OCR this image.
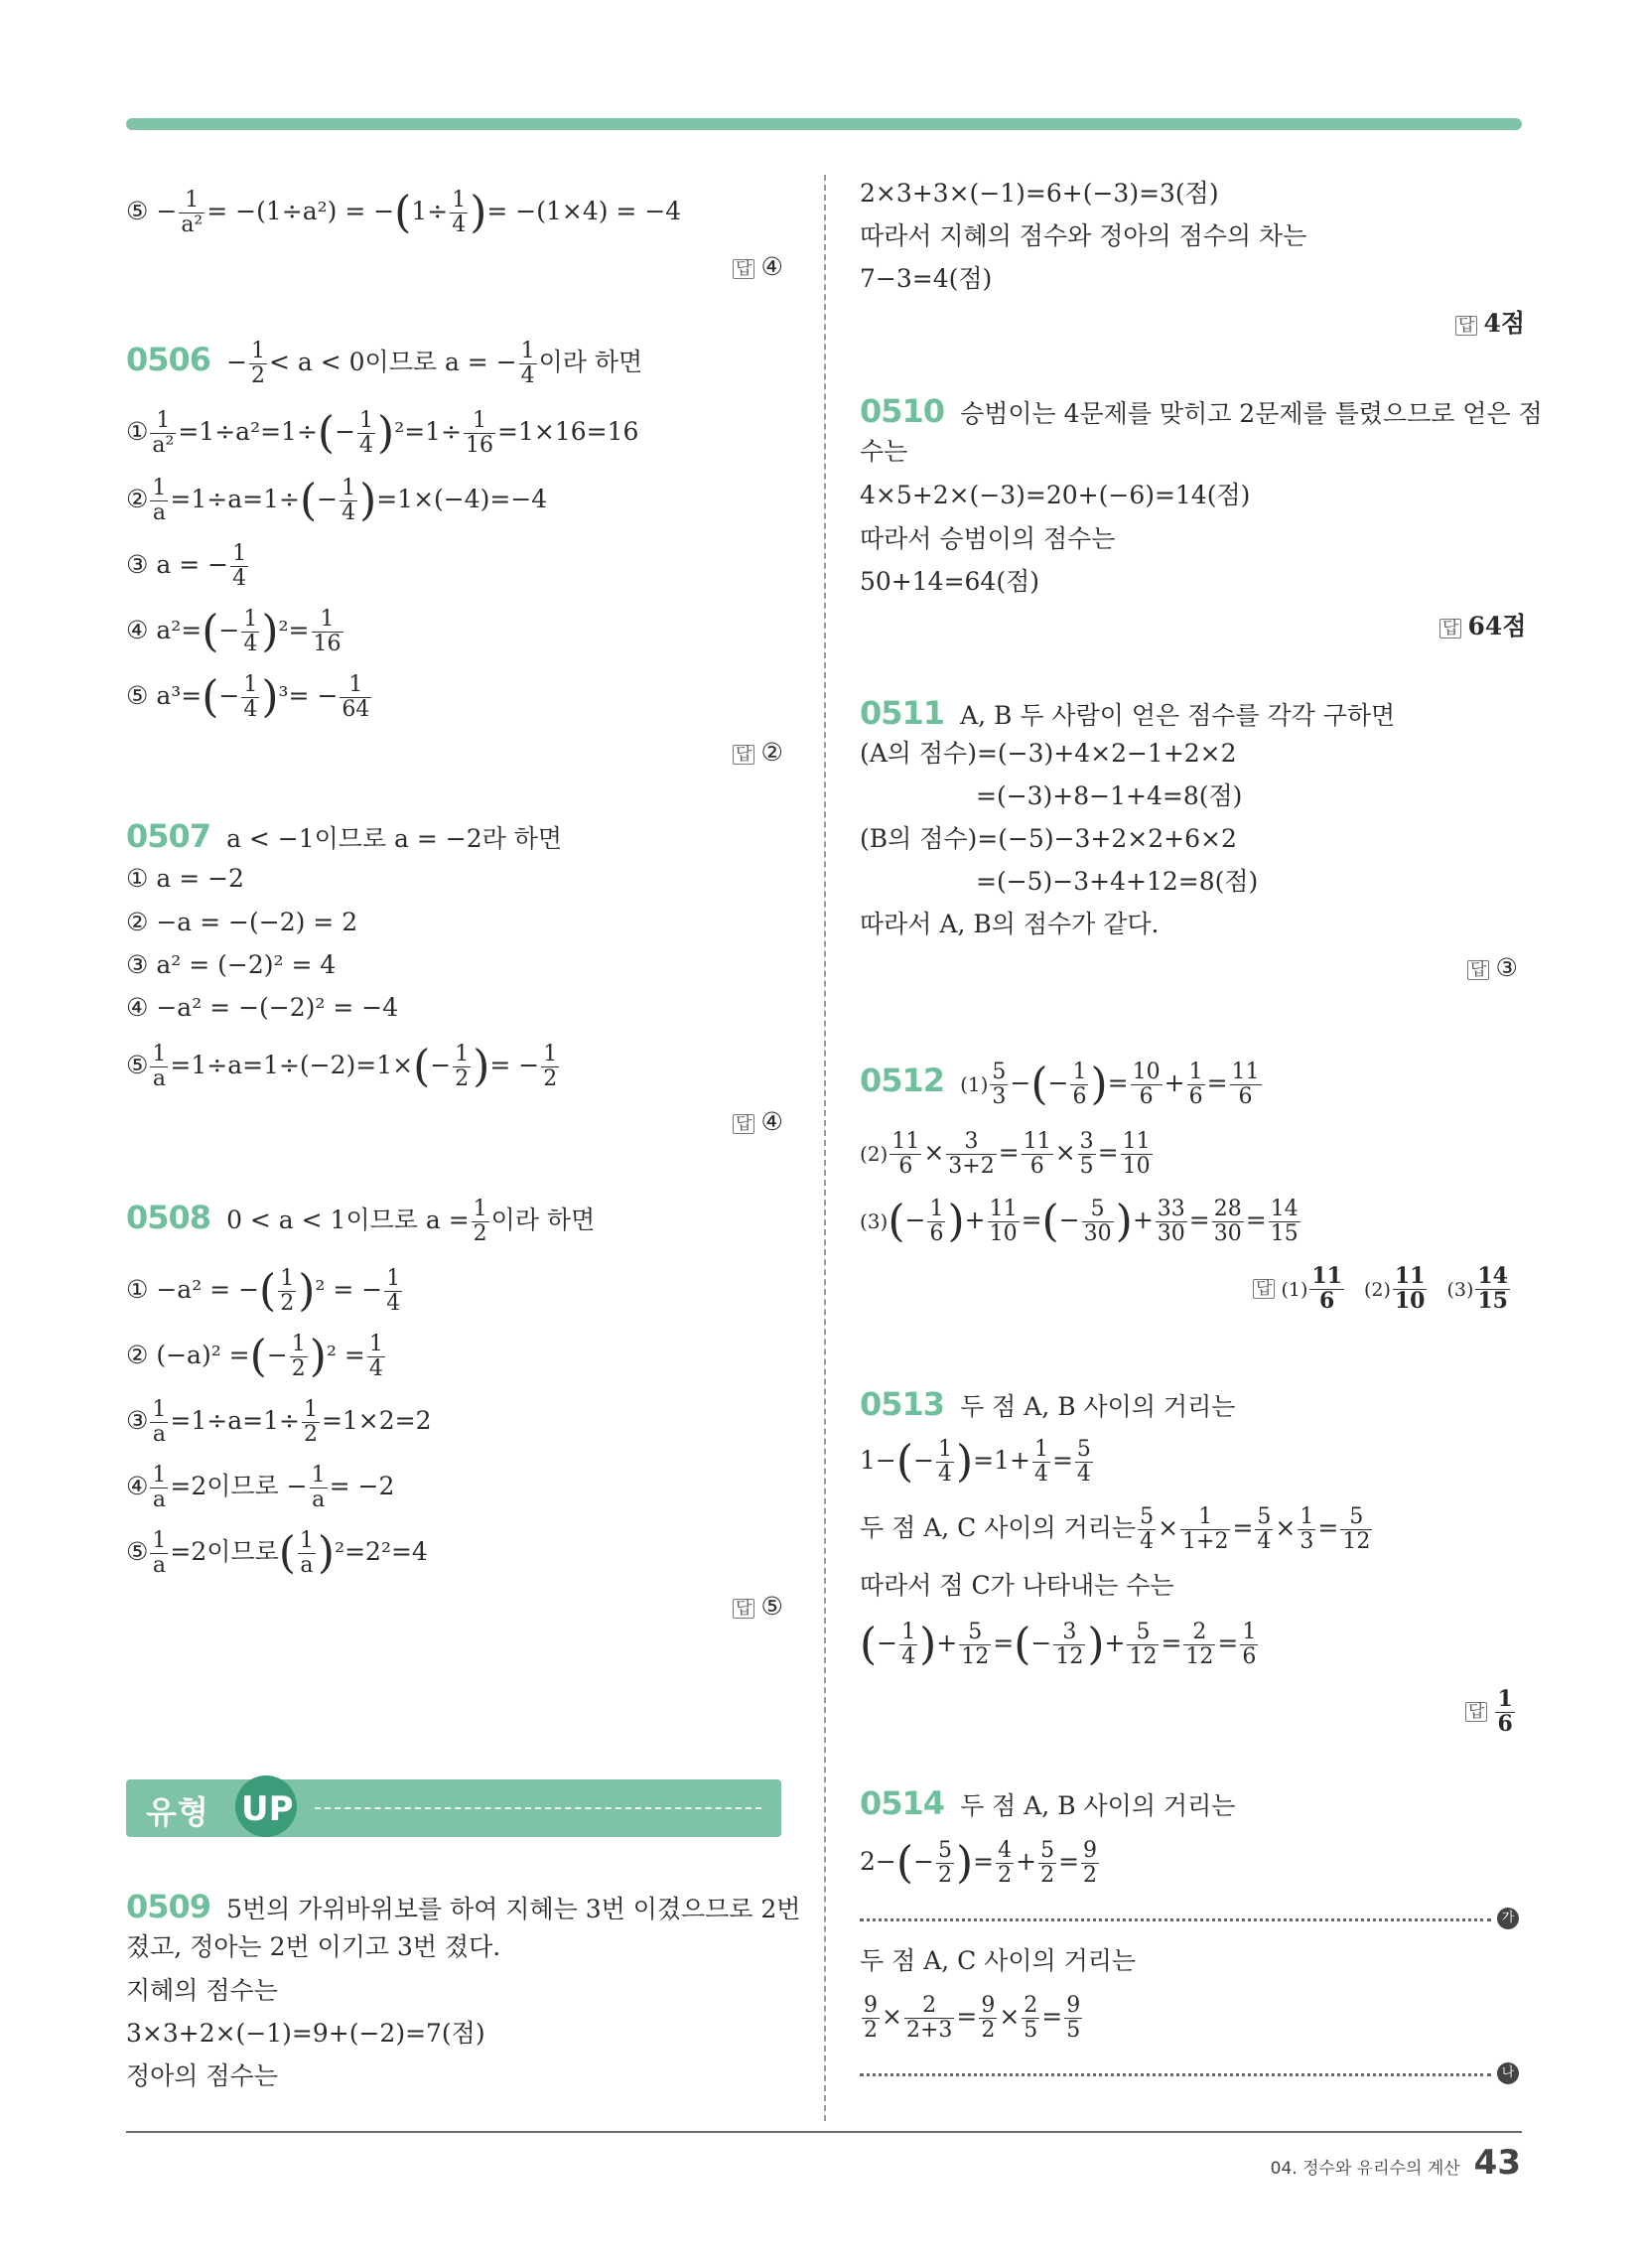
⑤ − $\frac{1}{\text{a²}} = -(1\div a^2) = -(1\div \frac{1}{4}$ )= −(1×4) = −4
답 ④
$0506 - \frac{1}{2} < a < 0$이므로 a = − $\frac{1}{4}$ 이라 하면
① $\frac{1}{\text{a²}} =1\div a^2=1\div(- \frac{1}{4} )^2=1\div \frac{1}{16} =1\times 16=16$
② $\frac{1}{a} =1\div a=1\div(- \frac{1}{4} )=1\times(-4)=-4$
③ a = − $\frac{1}{4}$
④ $a^2=(- \frac{1}{4} )^2= \frac{1}{16}$
⑤ $a^3=(- \frac{1}{4} )^3= - \frac{1}{64}$
답 ②
0507 a < −1이므로 a = −2라 하면
① a = −2
② −a = −(−2) = 2
③ a² = (−2)² = 4
④ −a² = −(−2)² = −4
⑤ $\frac{1}{a} =1\div a=1\div(-2)=1\times(- \frac{1}{2}$ )= − $\frac{1}{2}$
답 ④
0508 0 < a < 1이므로 $a = \frac{1}{2}$ 이라 하면
① −a² = −( $\frac{1}{2} )^2$ = − $\frac{1}{4}$
② (−a)² =(− $\frac{1}{2} )^2 = \frac{1}{4}$
③ $\frac{1}{a} =1\div a=1\div \frac{1}{2} =1\times 2=2$
④ $\frac{1}{a} =2$이므로 − $\frac{1}{a} = -2$
⑤ $\frac{1}{a} =2$이므로( $\frac{1}{a} )^2=2^2=4$
답 ⑤
유형 UP
0509 5번의 가위바위보를 하여 지혜는 3번 이겼으므로 2번
졌고, 정아는 2번 이기고 3번 졌다.
지혜의 점수는
3×3+2×(−1)=9+(−2)=7(점)
정아의 점수는
2×3+3×(−1)=6+(−3)=3(점)
따라서 지혜의 점수와 정아의 점수의 차는
7−3=4(점)
답 4점
0510 승범이는 4문제를 맞히고 2문제를 틀렸으므로 얻은 점
수는
4×5+2×(−3)=20+(−6)=14(점)
따라서 승범이의 점수는
50+14=64(점)
답 64점
0511 A, B 두 사람이 얻은 점수를 각각 구하면
(A의 점수)=(−3)+4×2−1+2×2
=(−3)+8−1+4=8(점)
(B의 점수)=(−5)−3+2×2+6×2
=(−5)−3+4+12=8(점)
따라서 A, B의 점수가 같다.
답 ③
0512 $(1) \frac{5}{3}$ −(− $\frac{1}{6}$ )= $\frac{10}{6} + \frac{1}{6} = \frac{11}{6}$
$(2) \frac{11}{6} \times \frac{3}{3+2} = \frac{11}{6} \times \frac{3}{5} = \frac{11}{10}$
$(3)(- \frac{1}{6}$ )+ $\frac{11}{10}$ =(− $\frac{5}{30}$ )+ $\frac{33}{30} = \frac{28}{30} = \frac{14}{15}$
답 $(1) \frac{11}{6} (2) \frac{11}{10} (3) \frac{14}{15}$
0513 두 점 A, B 사이의 거리는
$1-(- \frac{1}{4} )=1+ \frac{1}{4} = \frac{5}{4}$
두 점 A, C 사이의 거리는 $\frac{5}{4} \times \frac{1}{1+2} = \frac{5}{4} \times \frac{1}{3} = \frac{5}{12}$
따라서 점 C가 나타내는 수는
(− $\frac{1}{4}$ )+ $\frac{5}{12}$ =(− $\frac{3}{12}$ )+ $\frac{5}{12} = \frac{2}{12} = \frac{1}{6}$
답 $\frac{1}{6}$
0514 두 점 A, B 사이의 거리는
$2-(- \frac{5}{2}$ )= $\frac{4}{2} + \frac{5}{2} = \frac{9}{2}$
가
두 점 A, C 사이의 거리는
$\frac{9}{2} \times \frac{2}{2+3} = \frac{9}{2} \times \frac{2}{5} = \frac{9}{5}$
나
04. 정수와 유리수의 계산 43
